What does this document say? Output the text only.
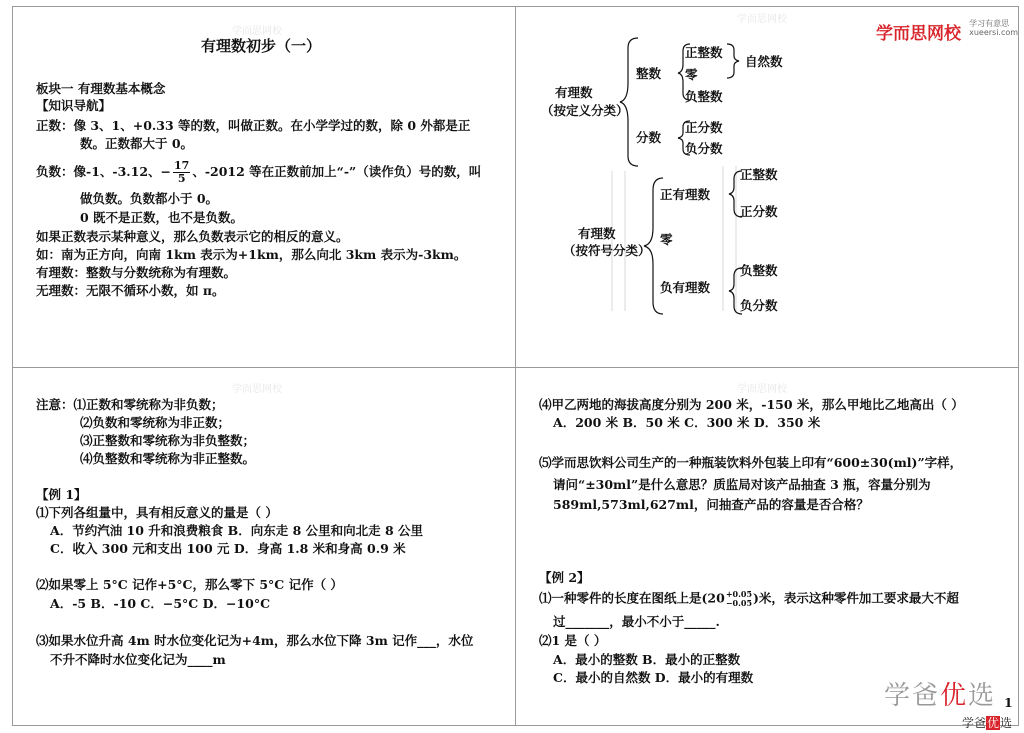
学而思网校
学而思网校
学而思网校	学而思网校
学而思网校
学习有意思
xueersi.com
有理数初步（一）
板块一 有理数基本概念
【知识导航】
正数：像 3、1、+0.33 等的数，叫做正数。在小学学过的数，除 0 外都是正
数。正数都大于 0。
负数：像-1、-3.12、− $\frac{17}{5}$ 、-2012 等在正数前加上“-”（读作负）号的数，叫
做负数。负数都小于 0。
0 既不是正数，也不是负数。
如果正数表示某种意义，那么负数表示它的相反的意义。
如：南为正方向，向南 1km 表示为+1km，那么向北 3km 表示为-3km。
有理数：整数与分数统称为有理数。
无理数：无限不循环小数，如 π。
有理数
（按定义分类）
整数
分数
正整数
零
负整数
自然数
正分数
负分数
有理数
（按符号分类）
正有理数
零
负有理数
正整数
正分数
负整数
负分数
注意：⑴正数和零统称为非负数；
⑵负数和零统称为非正数；
⑶正整数和零统称为非负整数；
⑷负整数和零统称为非正整数。
【例 1】
⑴下列各组量中，具有相反意义的量是（ ）
A．节约汽油 10 升和浪费粮食 B．向东走 8 公里和向北走 8 公里
C．收入 300 元和支出 100 元 D．身高 1.8 米和身高 0.9 米
⑵如果零上 5°C 记作+5°C，那么零下 5°C 记作（ ）
A．-5 B．-10 C．−5°C D．−10°C
⑶如果水位升高 4m 时水位变化记为+4m，那么水位下降 3m 记作___，水位
不升不降时水位变化记为____m
⑷甲乙两地的海拔高度分别为 200 米，-150 米，那么甲地比乙地高出（ ）
A．200 米 B．50 米 C．300 米 D．350 米
⑸学而思饮料公司生产的一种瓶装饮料外包装上印有“600±30(ml)”字样，
请问“±30ml”是什么意思？质监局对该产品抽查 3 瓶，容量分别为
589ml,573ml,627ml，问抽查产品的容量是否合格？
【例 2】
⑴一种零件的长度在图纸上是(20 +0.05
−0.05 )米，表示这种零件加工要求最大不超
过_______，最小不小于_____.
⑵1 是（ ）
A．最小的整数 B．最小的正整数
C．最小的自然数 D．最小的有理数
1
学爸优选
学爸优选
